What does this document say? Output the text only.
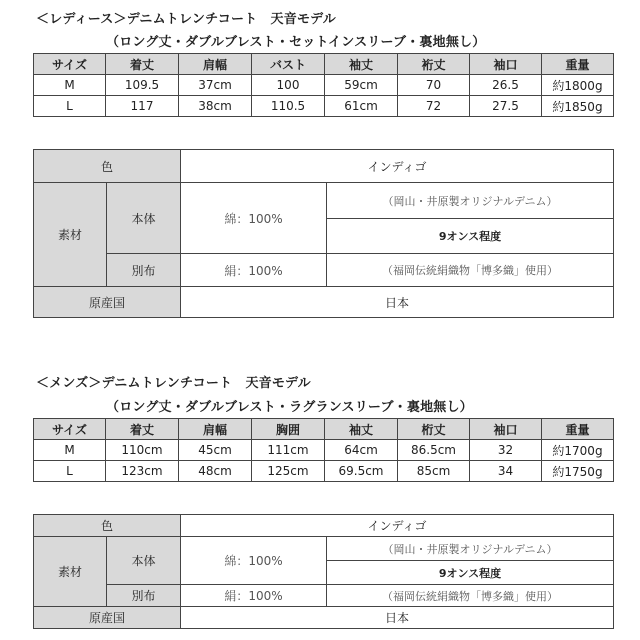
＜レディース＞デニムトレンチコート　天音モデル
（ロング丈・ダブルブレスト・セットインスリーブ・裏地無し）
サイズ	着丈	肩幅	バスト	袖丈	裄丈	袖口	重量
M	109.5	37cm	100	59cm	70	26.5	約1800g
L	117	38cm	110.5	61cm	72	27.5	約1850g
色		インディゴ	
素材	本体	綿：100%	（岡山・井原製オリジナルデニム）
			9オンス程度
	別布	絹：100%	（福岡伝統絹織物「博多織」使用）
原産国		日本	
＜メンズ＞デニムトレンチコート　天音モデル
（ロング丈・ダブルブレスト・ラグランスリーブ・裏地無し）
サイズ	着丈	肩幅	胸囲	袖丈	桁丈	袖口	重量
M	110cm	45cm	111cm	64cm	86.5cm	32	約1700g
L	123cm	48cm	125cm	69.5cm	85cm	34	約1750g
色		インディゴ	
素材	本体	綿：100%	（岡山・井原製オリジナルデニム）
			9オンス程度
	別布	絹：100%	（福岡伝統絹織物「博多織」使用）
原産国		日本	
